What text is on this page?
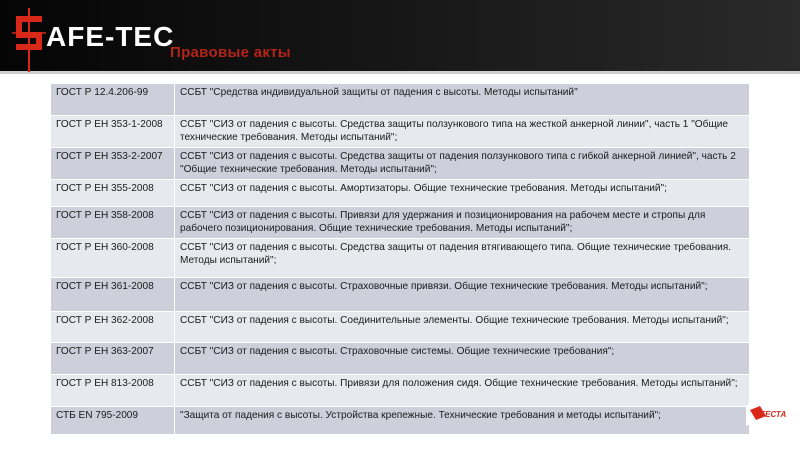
AFE-TEC
Правовые акты
ГОСТ Р 12.4.206-99	ССБТ "Средства индивидуальной защиты от падения с высоты. Методы испытаний"
ГОСТ Р ЕН 353-1-2008	ССБТ "СИЗ от падения с высоты. Средства защиты ползункового типа на жесткой анкерной линии", часть 1 "Общие технические требования. Методы испытаний";
ГОСТ Р ЕН 353-2-2007	ССБТ "СИЗ от падения с высоты. Средства защиты от падения ползункового типа с гибкой анкерной линией", часть 2 "Общие технические требования. Методы испытаний";
ГОСТ Р ЕН 355-2008	ССБТ "СИЗ от падения с высоты. Амортизаторы. Общие технические требования. Методы испытаний";
ГОСТ Р ЕН 358-2008	ССБТ "СИЗ от падения с высоты. Привязи для удержания и позиционирования на рабочем месте и стропы для рабочего позиционирования. Общие технические требования. Методы испытаний";
ГОСТ Р ЕН 360-2008	ССБТ "СИЗ от падения с высоты. Средства защиты от падения втягивающего типа. Общие технические требования. Методы испытаний";
ГОСТ Р ЕН 361-2008	ССБТ "СИЗ от падения с высоты. Страховочные привязи. Общие технические требования. Методы испытаний";
ГОСТ Р ЕН 362-2008	ССБТ "СИЗ от падения с высоты. Соединительные элементы. Общие технические требования. Методы испытаний";
ГОСТ Р ЕН 363-2007	ССБТ "СИЗ от падения с высоты. Страховочные системы. Общие технические требования";
ГОСТ Р ЕН 813-2008	ССБТ "СИЗ от падения с высоты. Привязи для положения сидя. Общие технические требования. Методы испытаний";
СТБ EN 795-2009	"Защита от падения с высоты. Устройства крепежные. Технические требования и методы испытаний";	ОТЕСТА
